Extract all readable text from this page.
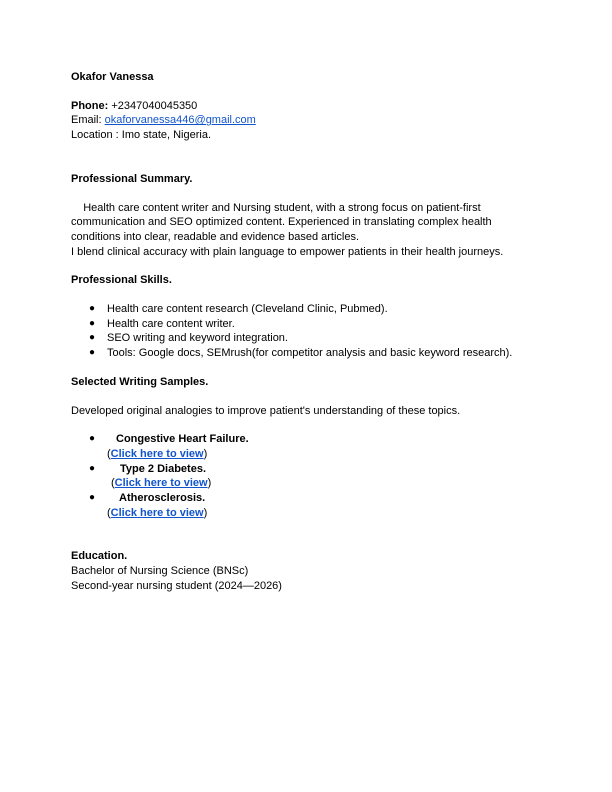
Okafor Vanessa
Phone: +2347040045350
Email: okaforvanessa446@gmail.com
Location : Imo state, Nigeria.
Professional Summary.
Health care content writer and Nursing student, with a strong focus on patient-first
communication and SEO optimized content. Experienced in translating complex health
conditions into clear, readable and evidence based articles.
I blend clinical accuracy with plain language to empower patients in their health journeys.
Professional Skills.
● Health care content research (Cleveland Clinic, Pubmed).
● Health care content writer.
● SEO writing and keyword integration.
● Tools: Google docs, SEMrush(for competitor analysis and basic keyword research).
Selected Writing Samples.
Developed original analogies to improve patient's understanding of these topics.
●	Congestive Heart Failure.
(Click here to view)
●	Type 2 Diabetes.
(Click here to view)
●	Atherosclerosis.
(Click here to view)
Education.
Bachelor of Nursing Science (BNSc)
Second-year nursing student (2024—2026)
